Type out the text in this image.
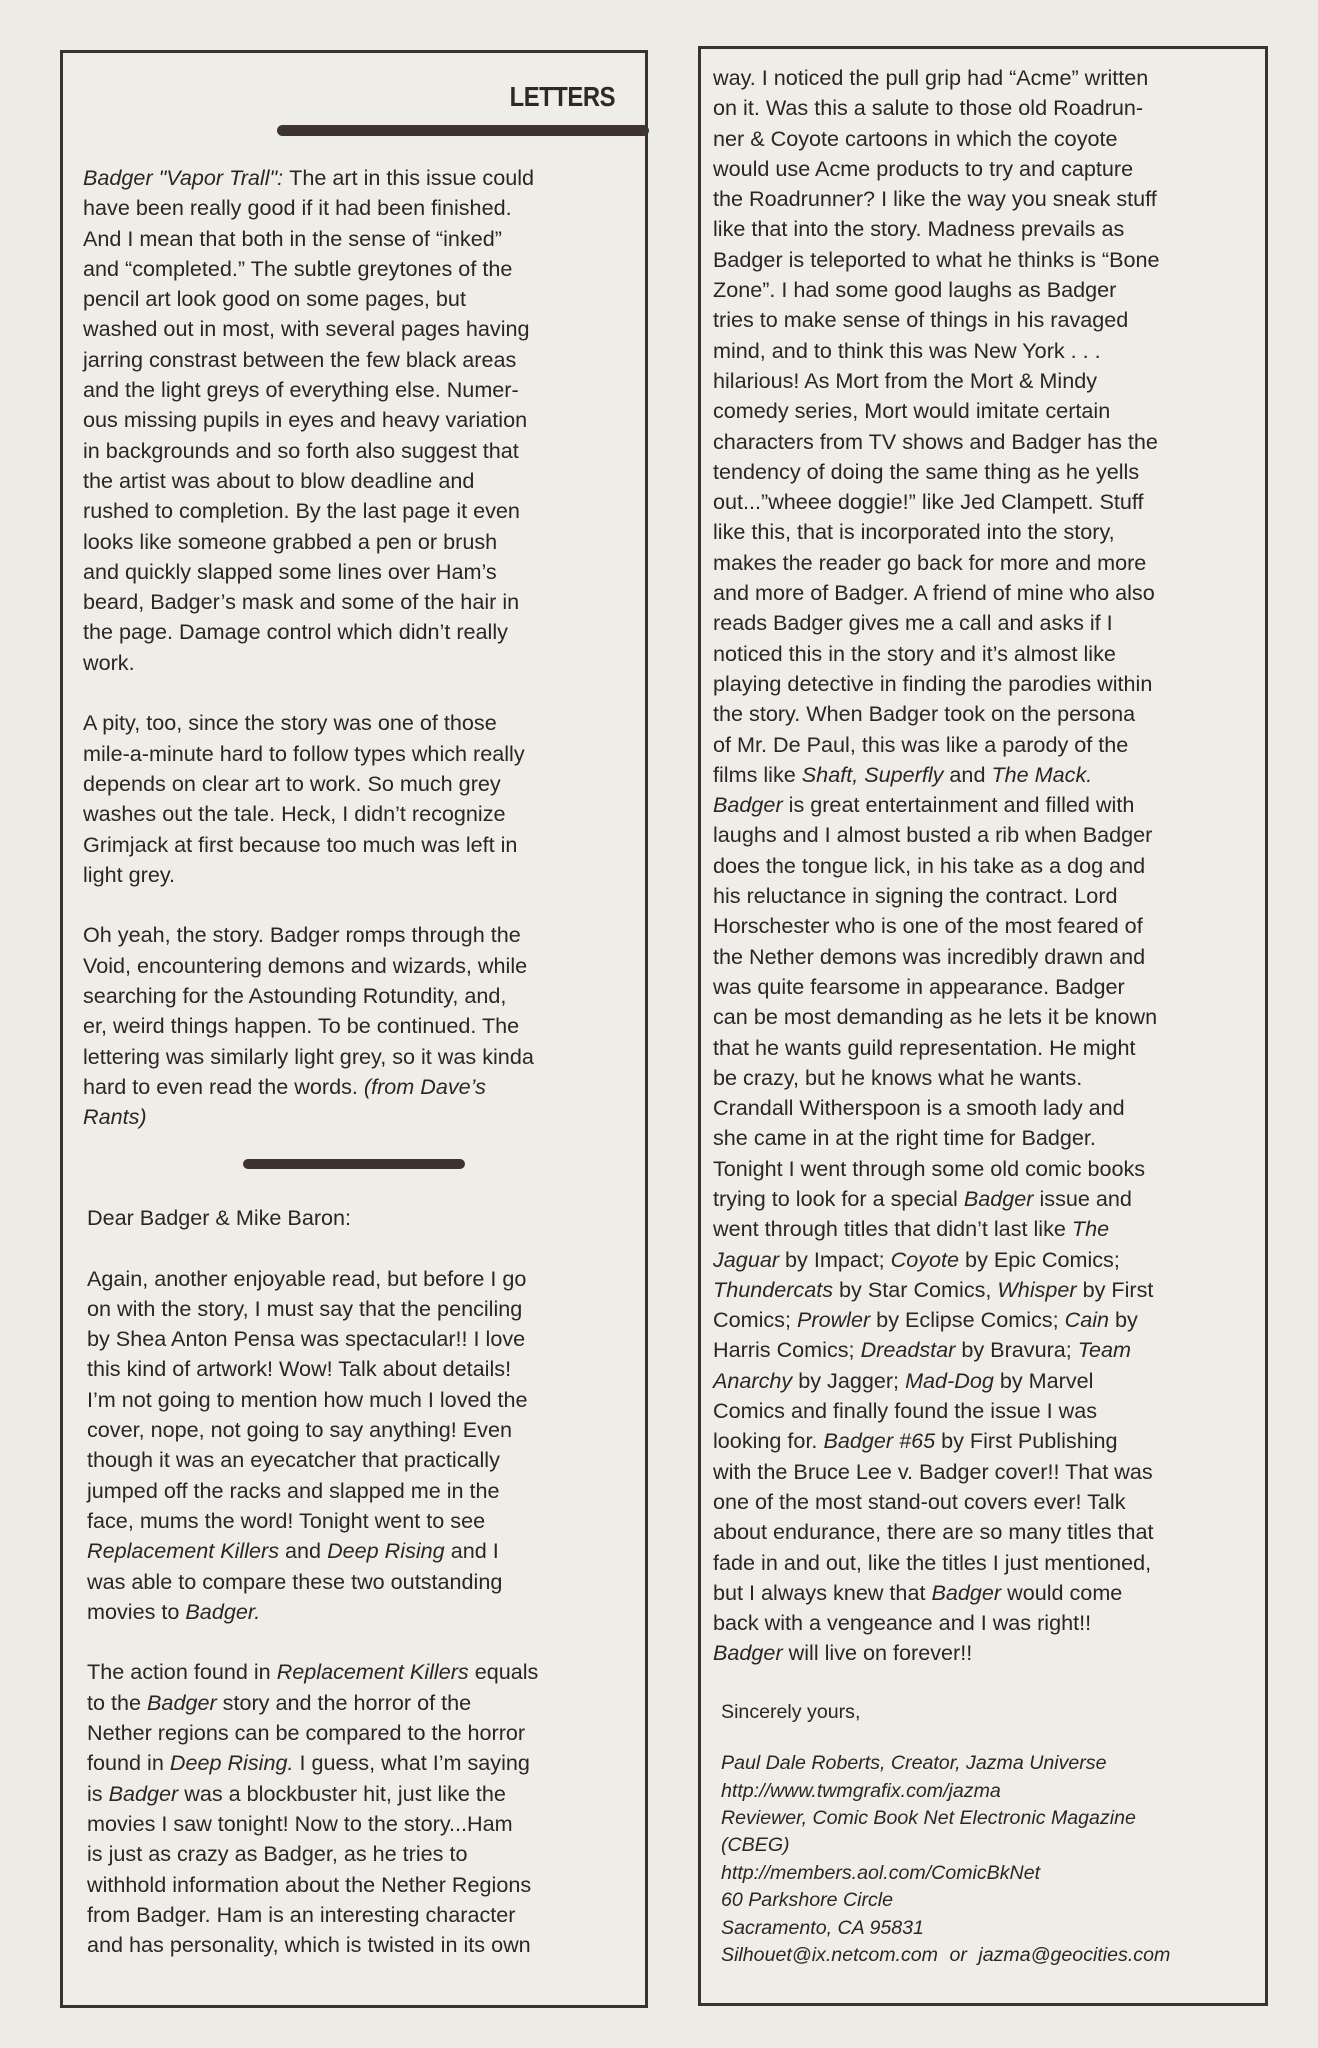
LETTERS
Badger "Vapor Trall": The art in this issue could
have been really good if it had been finished.
And I mean that both in the sense of “inked”
and “completed.” The subtle greytones of the
pencil art look good on some pages, but
washed out in most, with several pages having
jarring constrast between the few black areas
and the light greys of everything else. Numer-
ous missing pupils in eyes and heavy variation
in backgrounds and so forth also suggest that
the artist was about to blow deadline and
rushed to completion. By the last page it even
looks like someone grabbed a pen or brush
and quickly slapped some lines over Ham’s
beard, Badger’s mask and some of the hair in
the page. Damage control which didn’t really
work.

A pity, too, since the story was one of those
mile-a-minute hard to follow types which really
depends on clear art to work. So much grey
washes out the tale. Heck, I didn’t recognize
Grimjack at first because too much was left in
light grey.

Oh yeah, the story. Badger romps through the
Void, encountering demons and wizards, while
searching for the Astounding Rotundity, and,
er, weird things happen. To be continued. The
lettering was similarly light grey, so it was kinda
hard to even read the words. (from Dave’s
Rants)
Dear Badger & Mike Baron:

Again, another enjoyable read, but before I go
on with the story, I must say that the penciling
by Shea Anton Pensa was spectacular!! I love
this kind of artwork! Wow! Talk about details!
I’m not going to mention how much I loved the
cover, nope, not going to say anything! Even
though it was an eyecatcher that practically
jumped off the racks and slapped me in the
face, mums the word! Tonight went to see
Replacement Killers and Deep Rising and I
was able to compare these two outstanding
movies to Badger.

The action found in Replacement Killers equals
to the Badger story and the horror of the
Nether regions can be compared to the horror
found in Deep Rising. I guess, what I’m saying
is Badger was a blockbuster hit, just like the
movies I saw tonight! Now to the story...Ham
is just as crazy as Badger, as he tries to
withhold information about the Nether Regions
from Badger. Ham is an interesting character
and has personality, which is twisted in its own
way. I noticed the pull grip had “Acme” written
on it. Was this a salute to those old Roadrun-
ner & Coyote cartoons in which the coyote
would use Acme products to try and capture
the Roadrunner? I like the way you sneak stuff
like that into the story. Madness prevails as
Badger is teleported to what he thinks is “Bone
Zone”. I had some good laughs as Badger
tries to make sense of things in his ravaged
mind, and to think this was New York . . .
hilarious! As Mort from the Mort & Mindy
comedy series, Mort would imitate certain
characters from TV shows and Badger has the
tendency of doing the same thing as he yells
out...”wheee doggie!” like Jed Clampett. Stuff
like this, that is incorporated into the story,
makes the reader go back for more and more
and more of Badger. A friend of mine who also
reads Badger gives me a call and asks if I
noticed this in the story and it’s almost like
playing detective in finding the parodies within
the story. When Badger took on the persona
of Mr. De Paul, this was like a parody of the
films like Shaft, Superfly and The Mack.
Badger is great entertainment and filled with
laughs and I almost busted a rib when Badger
does the tongue lick, in his take as a dog and
his reluctance in signing the contract. Lord
Horschester who is one of the most feared of
the Nether demons was incredibly drawn and
was quite fearsome in appearance. Badger
can be most demanding as he lets it be known
that he wants guild representation. He might
be crazy, but he knows what he wants.
Crandall Witherspoon is a smooth lady and
she came in at the right time for Badger.
Tonight I went through some old comic books
trying to look for a special Badger issue and
went through titles that didn’t last like The
Jaguar by Impact; Coyote by Epic Comics;
Thundercats by Star Comics, Whisper by First
Comics; Prowler by Eclipse Comics; Cain by
Harris Comics; Dreadstar by Bravura; Team
Anarchy by Jagger; Mad-Dog by Marvel
Comics and finally found the issue I was
looking for. Badger #65 by First Publishing
with the Bruce Lee v. Badger cover!! That was
one of the most stand-out covers ever! Talk
about endurance, there are so many titles that
fade in and out, like the titles I just mentioned,
but I always knew that Badger would come
back with a vengeance and I was right!!
Badger will live on forever!!
Sincerely yours,
Paul Dale Roberts, Creator, Jazma Universe
http://www.twmgrafix.com/jazma
Reviewer, Comic Book Net Electronic Magazine
(CBEG)
http://members.aol.com/ComicBkNet
60 Parkshore Circle
Sacramento, CA 95831
Silhouet@ix.netcom.com or jazma@geocities.com
